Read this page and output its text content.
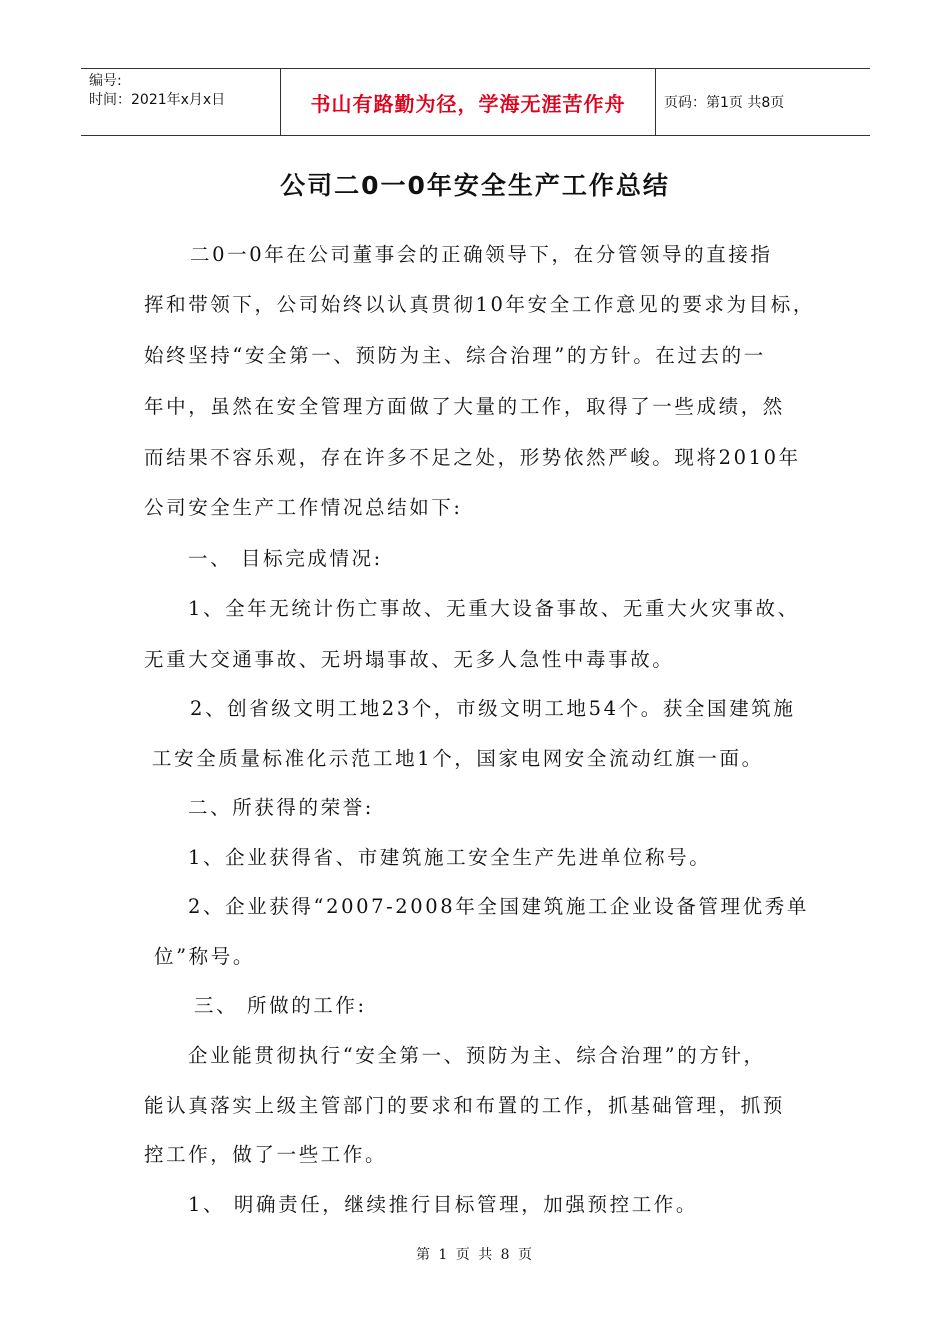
编号:
时间：2021年x月x日	书山有路勤为径，学海无涯苦作舟	页码：第1页 共8页
公司二0一0年安全生产工作总结
二0一0年在公司董事会的正确领导下，在分管领导的直接指
挥和带领下，公司始终以认真贯彻10年安全工作意见的要求为目标，
始终坚持“安全第一、预防为主、综合治理”的方针。在过去的一
年中，虽然在安全管理方面做了大量的工作，取得了一些成绩，然
而结果不容乐观，存在许多不足之处，形势依然严峻。现将2010年
公司安全生产工作情况总结如下:
一、 目标完成情况:
1、全年无统计伤亡事故、无重大设备事故、无重大火灾事故、
无重大交通事故、无坍塌事故、无多人急性中毒事故。
2、创省级文明工地23个，市级文明工地54个。获全国建筑施
工安全质量标准化示范工地1个，国家电网安全流动红旗一面。
二、所获得的荣誉:
1、企业获得省、市建筑施工安全生产先进单位称号。
2、企业获得“2007-2008年全国建筑施工企业设备管理优秀单
位”称号。
三、 所做的工作:
企业能贯彻执行“安全第一、预防为主、综合治理”的方针，
能认真落实上级主管部门的要求和布置的工作，抓基础管理，抓预
控工作，做了一些工作。
1、 明确责任，继续推行目标管理，加强预控工作。
第 1 页 共 8 页
